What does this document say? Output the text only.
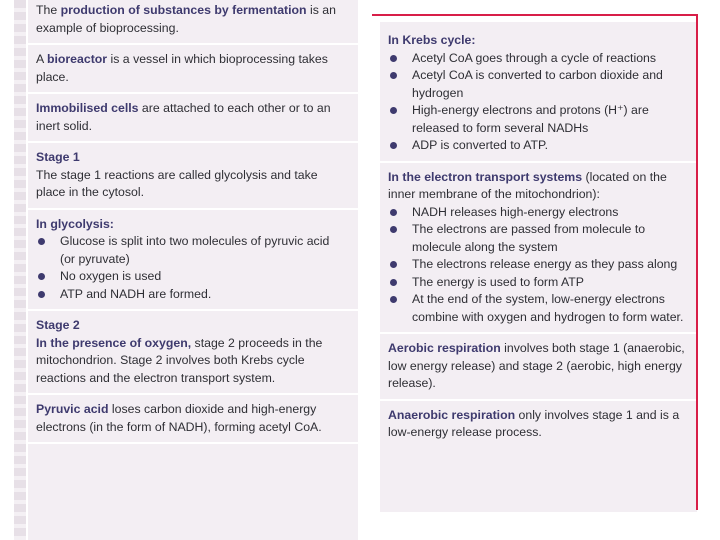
The production of substances by fermentation is an example of bioprocessing.
A bioreactor is a vessel in which bioprocessing takes place.
Immobilised cells are attached to each other or to an inert solid.
Stage 1
The stage 1 reactions are called glycolysis and take place in the cytosol.
In glycolysis:
Glucose is split into two molecules of pyruvic acid (or pyruvate)
No oxygen is used
ATP and NADH are formed.
Stage 2
In the presence of oxygen, stage 2 proceeds in the mitochondrion. Stage 2 involves both Krebs cycle reactions and the electron transport system.
Pyruvic acid loses carbon dioxide and high-energy electrons (in the form of NADH), forming acetyl CoA.
In Krebs cycle:
Acetyl CoA goes through a cycle of reactions
Acetyl CoA is converted to carbon dioxide and hydrogen
High-energy electrons and protons (H⁺) are released to form several NADHs
ADP is converted to ATP.
In the electron transport systems (located on the inner membrane of the mitochondrion):
NADH releases high-energy electrons
The electrons are passed from molecule to molecule along the system
The electrons release energy as they pass along
The energy is used to form ATP
At the end of the system, low-energy electrons combine with oxygen and hydrogen to form water.
Aerobic respiration involves both stage 1 (anaerobic, low energy release) and stage 2 (aerobic, high energy release).
Anaerobic respiration only involves stage 1 and is a low-energy release process.
